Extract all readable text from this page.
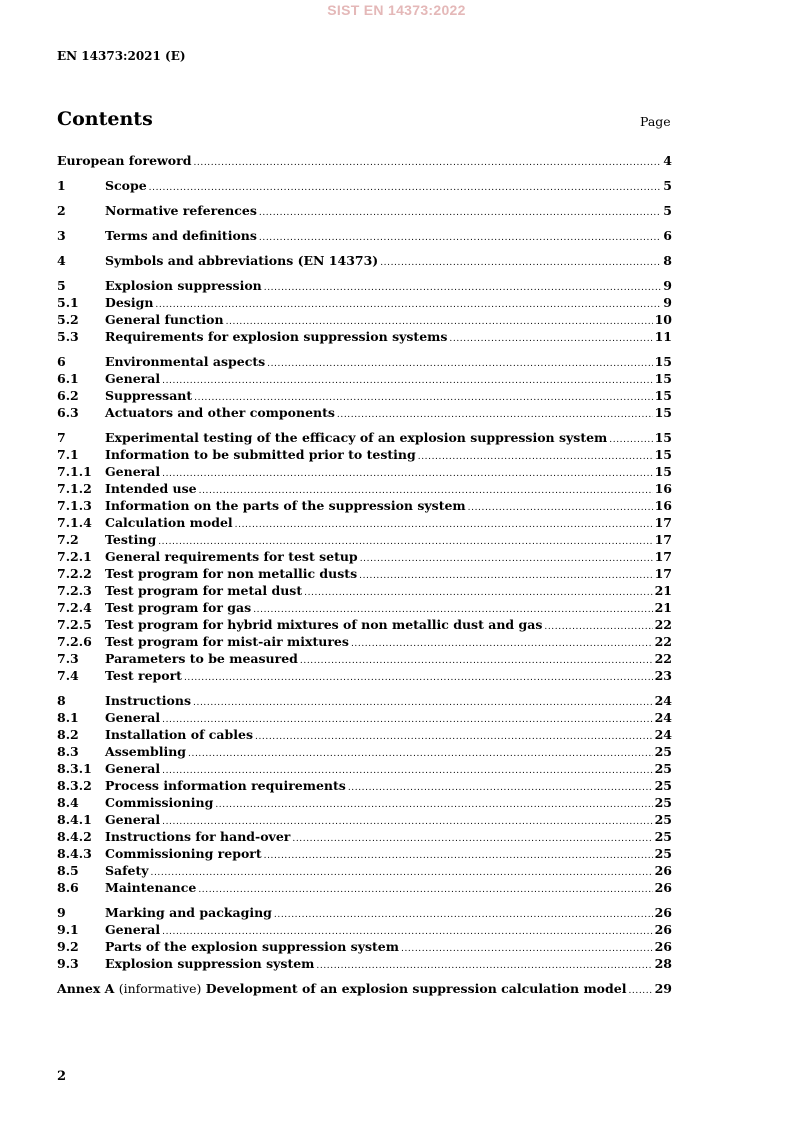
SIST EN 14373:2022
EN 14373:2021 (E)
Contents	Page
European foreword .....	4
1	Scope .....	5
2	Normative references .....	5
3	Terms and definitions .....	6
4	Symbols and abbreviations (EN 14373) .....	8
5	Explosion suppression .....	9
5.1	Design .....	9
5.2	General function .....	10
5.3	Requirements for explosion suppression systems .....	11
6	Environmental aspects .....	15
6.1	General .....	15
6.2	Suppressant .....	15
6.3	Actuators and other components .....	15
7	Experimental testing of the efficacy of an explosion suppression system .....	15
7.1	Information to be submitted prior to testing .....	15
7.1.1	General .....	15
7.1.2	Intended use .....	16
7.1.3	Information on the parts of the suppression system .....	16
7.1.4	Calculation model .....	17
7.2	Testing .....	17
7.2.1	General requirements for test setup .....	17
7.2.2	Test program for non metallic dusts .....	17
7.2.3	Test program for metal dust .....	21
7.2.4	Test program for gas .....	21
7.2.5	Test program for hybrid mixtures of non metallic dust and gas .....	22
7.2.6	Test program for mist-air mixtures .....	22
7.3	Parameters to be measured .....	22
7.4	Test report .....	23
8	Instructions .....	24
8.1	General .....	24
8.2	Installation of cables .....	24
8.3	Assembling .....	25
8.3.1	General .....	25
8.3.2	Process information requirements .....	25
8.4	Commissioning .....	25
8.4.1	General .....	25
8.4.2	Instructions for hand-over .....	25
8.4.3	Commissioning report .....	25
8.5	Safety .....	26
8.6	Maintenance .....	26
9	Marking and packaging .....	26
9.1	General .....	26
9.2	Parts of the explosion suppression system .....	26
9.3	Explosion suppression system .....	28
Annex A (informative) Development of an explosion suppression calculation model ..... 29
2
